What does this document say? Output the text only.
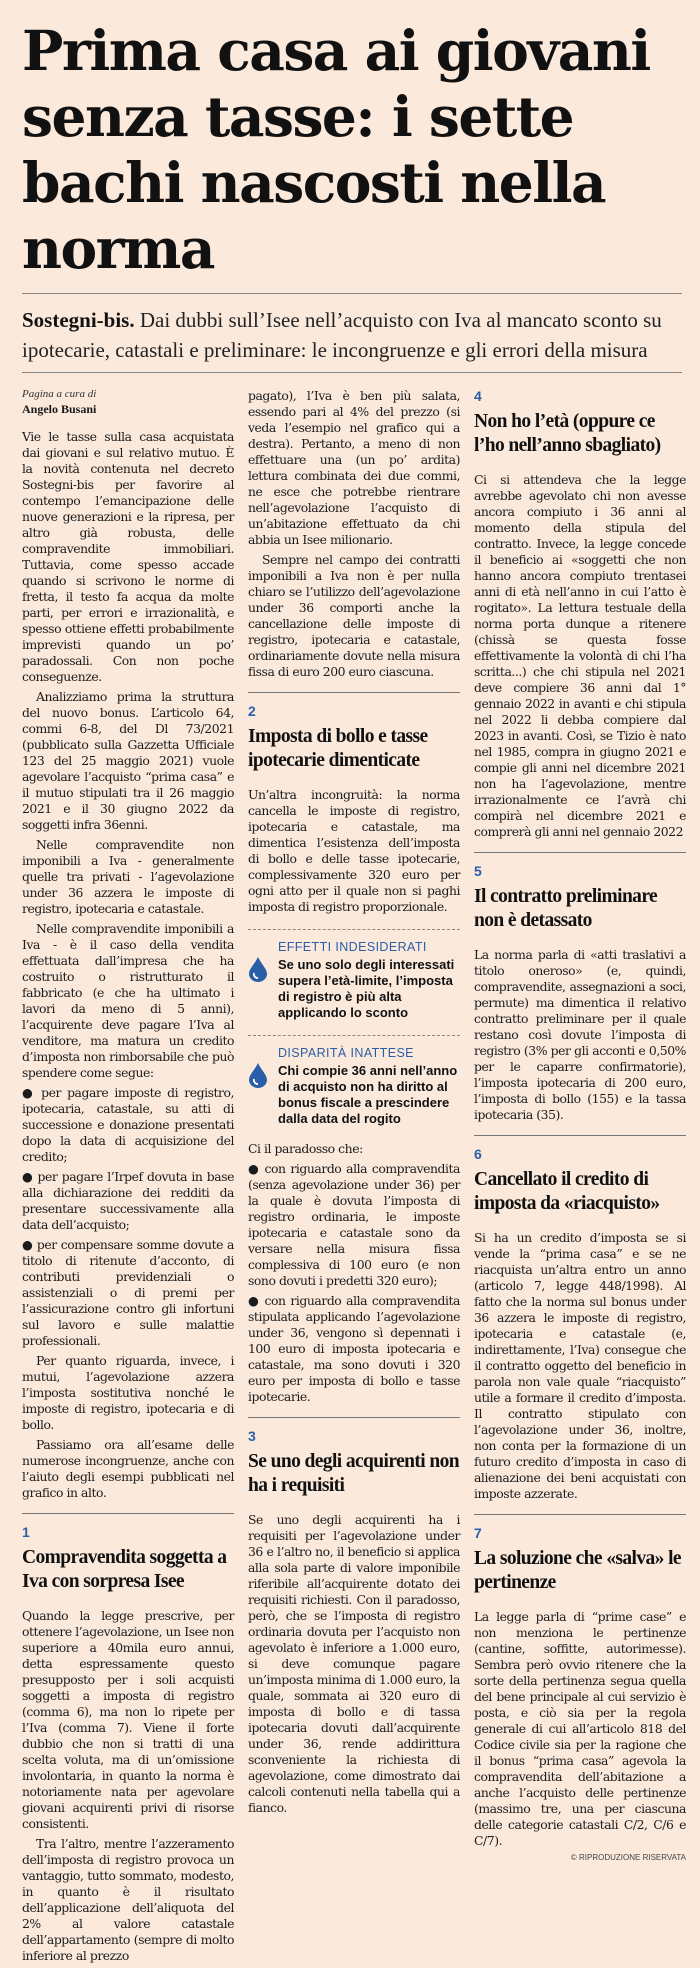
Prima casa ai giovani senza tasse: i sette bachi nascosti nella norma
Sostegni-bis. Dai dubbi sull’Isee nell’acquisto con Iva al mancato sconto su ipotecarie, catastali e preliminare: le incongruenze e gli errori della misura
Pagina a cura di
Angelo Busani

Vie le tasse sulla casa acquistata dai giovani e sul relativo mutuo. È la novità contenuta nel decreto Sostegni-bis per favorire al contempo l’emancipazione delle nuove generazioni e la ripresa, per altro già robusta, delle compravendite immobiliari. Tuttavia, come spesso accade quando si scrivono le norme di fretta, il testo fa acqua da molte parti, per errori e irrazionalità, e spesso ottiene effetti probabilmente imprevisti quando un po’ paradossali. Con non poche conseguenze.

Analizziamo prima la struttura del nuovo bonus. L’articolo 64, commi 6-8, del Dl 73/2021 (pubblicato sulla Gazzetta Ufficiale 123 del 25 maggio 2021) vuole agevolare l’acquisto “prima casa” e il mutuo stipulati tra il 26 maggio 2021 e il 30 giugno 2022 da soggetti infra 36enni.

Nelle compravendite non imponibili a Iva - generalmente quelle tra privati - l’agevolazione under 36 azzera le imposte di registro, ipotecaria e catastale.

Nelle compravendite imponibili a Iva - è il caso della vendita effettuata dall’impresa che ha costruito o ristrutturato il fabbricato (e che ha ultimato i lavori da meno di 5 anni), l’acquirente deve pagare l’Iva al venditore, ma matura un credito d’imposta non rimborsabile che può spendere come segue:

● per pagare imposte di registro, ipotecaria, catastale, su atti di successione e donazione presentati dopo la data di acquisizione del credito;

● per pagare l’Irpef dovuta in base alla dichiarazione dei redditi da presentare successivamente alla data dell’acquisto;

● per compensare somme dovute a titolo di ritenute d’acconto, di contributi previdenziali o assistenziali o di premi per l’assicurazione contro gli infortuni sul lavoro e sulle malattie professionali.

Per quanto riguarda, invece, i mutui, l’agevolazione azzera l’imposta sostitutiva nonché le imposte di registro, ipotecaria e di bollo.

Passiamo ora all’esame delle numerose incongruenze, anche con l’aiuto degli esempi pubblicati nel grafico in alto.

1
Compravendita soggetta a Iva con sorpresa Isee

Quando la legge prescrive, per ottenere l’agevolazione, un Isee non superiore a 40mila euro annui, detta espressamente questo presupposto per i soli acquisti soggetti a imposta di registro (comma 6), ma non lo ripete per l’Iva (comma 7). Viene il forte dubbio che non si tratti di una scelta voluta, ma di un’omissione involontaria, in quanto la norma è notoriamente nata per agevolare giovani acquirenti privi di risorse consistenti.

Tra l’altro, mentre l’azzeramento dell’imposta di registro provoca un vantaggio, tutto sommato, modesto, in quanto è il risultato dell’applicazione dell’aliquota del 2% al valore catastale dell’appartamento (sempre di molto inferiore al prezzo

pagato), l’Iva è ben più salata, essendo pari al 4% del prezzo (si veda l’esempio nel grafico qui a destra). Pertanto, a meno di non effettuare una (un po’ ardita) lettura combinata dei due commi, ne esce che potrebbe rientrare nell’agevolazione l’acquisto di un’abitazione effettuato da chi abbia un Isee milionario.

Sempre nel campo dei contratti imponibili a Iva non è per nulla chiaro se l’utilizzo dell’agevolazione under 36 comporti anche la cancellazione delle imposte di registro, ipotecaria e catastale, ordinariamente dovute nella misura fissa di euro 200 euro ciascuna.

2
Imposta di bollo e tasse ipotecarie dimenticate

Un’altra incongruità: la norma cancella le imposte di registro, ipotecaria e catastale, ma dimentica l’esistenza dell’imposta di bollo e delle tasse ipotecarie, complessivamente 320 euro per ogni atto per il quale non si paghi imposta di registro proporzionale.

EFFETTI INDESIDERATI
Se uno solo degli interessati supera l’età-limite, l’imposta di registro è più alta applicando lo sconto
DISPARITÀ INATTESE
Chi compie 36 anni nell’anno di acquisto non ha diritto al bonus fiscale a prescindere dalla data del rogito

Ci il paradosso che:

● con riguardo alla compravendita (senza agevolazione under 36) per la quale è dovuta l’imposta di registro ordinaria, le imposte ipotecaria e catastale sono da versare nella misura fissa complessiva di 100 euro (e non sono dovuti i predetti 320 euro);

● con riguardo alla compravendita stipulata applicando l’agevolazione under 36, vengono sì depennati i 100 euro di imposta ipotecaria e catastale, ma sono dovuti i 320 euro per imposta di bollo e tasse ipotecarie.

3
Se uno degli acquirenti non ha i requisiti

Se uno degli acquirenti ha i requisiti per l’agevolazione under 36 e l’altro no, il beneficio si applica alla sola parte di valore imponibile riferibile all’acquirente dotato dei requisiti richiesti. Con il paradosso, però, che se l’imposta di registro ordinaria dovuta per l’acquisto non agevolato è inferiore a 1.000 euro, si deve comunque pagare un’imposta minima di 1.000 euro, la quale, sommata ai 320 euro di imposta di bollo e di tassa ipotecaria dovuti dall’acquirente under 36, rende addirittura sconveniente la richiesta di agevolazione, come dimostrato dai calcoli contenuti nella tabella qui a fianco.

4
Non ho l’età (oppure ce l’ho nell’anno sbagliato)

Ci si attendeva che la legge avrebbe agevolato chi non avesse ancora compiuto i 36 anni al momento della stipula del contratto. Invece, la legge concede il beneficio ai «soggetti che non hanno ancora compiuto trentasei anni di età nell’anno in cui l’atto è rogitato». La lettura testuale della norma porta dunque a ritenere (chissà se questa fosse effettivamente la volontà di chi l’ha scritta...) che chi stipula nel 2021 deve compiere 36 anni dal 1° gennaio 2022 in avanti e chi stipula nel 2022 li debba compiere dal 2023 in avanti. Così, se Tizio è nato nel 1985, compra in giugno 2021 e compie gli anni nel dicembre 2021 non ha l’agevolazione, mentre irrazionalmente ce l’avrà chi compirà nel dicembre 2021 e comprerà gli anni nel gennaio 2022

5
Il contratto preliminare non è detassato

La norma parla di «atti traslativi a titolo oneroso» (e, quindi, compravendite, assegnazioni a soci, permute) ma dimentica il relativo contratto preliminare per il quale restano così dovute l’imposta di registro (3% per gli acconti e 0,50% per le caparre confirmatorie), l’imposta ipotecaria di 200 euro, l’imposta di bollo (155) e la tassa ipotecaria (35).

6
Cancellato il credito di imposta da «riacquisto»

Si ha un credito d’imposta se si vende la “prima casa” e se ne riacquista un’altra entro un anno (articolo 7, legge 448/1998). Al fatto che la norma sul bonus under 36 azzera le imposte di registro, ipotecaria e catastale (e, indirettamente, l’Iva) consegue che il contratto oggetto del beneficio in parola non vale quale “riacquisto” utile a formare il credito d’imposta. Il contratto stipulato con l’agevolazione under 36, inoltre, non conta per la formazione di un futuro credito d’imposta in caso di alienazione dei beni acquistati con imposte azzerate.

7
La soluzione che «salva» le pertinenze

La legge parla di “prime case” e non menziona le pertinenze (cantine, soffitte, autorimesse). Sembra però ovvio ritenere che la sorte della pertinenza segua quella del bene principale al cui servizio è posta, e ciò sia per la regola generale di cui all’articolo 818 del Codice civile sia per la ragione che il bonus “prima casa” agevola la compravendita dell’abitazione a anche l’acquisto delle pertinenze (massimo tre, una per ciascuna delle categorie catastali C/2, C/6 e C/7).

© RIPRODUZIONE RISERVATA
